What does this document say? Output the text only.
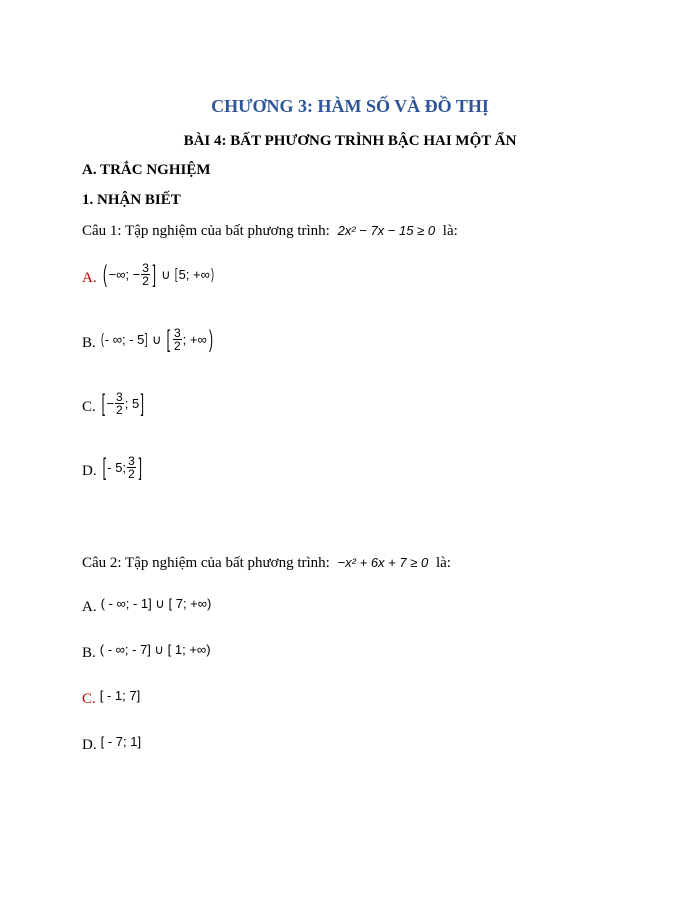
CHƯƠNG 3: HÀM SỐ VÀ ĐỒ THỊ
BÀI 4: BẤT PHƯƠNG TRÌNH BẬC HAI MỘT ẨN
A. TRẮC NGHIỆM
1. NHẬN BIẾT
Câu 1: Tập nghiệm của bất phương trình: 2x² − 7x − 15 ≥ 0 là:
A. ( −∞; − $\frac{3}{2}$ ]
∪
[ 5; +∞ )
B. ( - ∞; - 5 ]
∪
[ $\frac{3}{2}$ ; +∞ )
C. [ − $\frac{3}{2}$ ; 5 ]
D. [ - 5; $\frac{3}{2}$ ]
Câu 2: Tập nghiệm của bất phương trình: −x² + 6x + 7 ≥ 0 là:
A. ( - ∞; - 1] ∪ [ 7; +∞)
B. ( - ∞; - 7] ∪ [ 1; +∞)
C. [ - 1; 7]
D. [ - 7; 1]
